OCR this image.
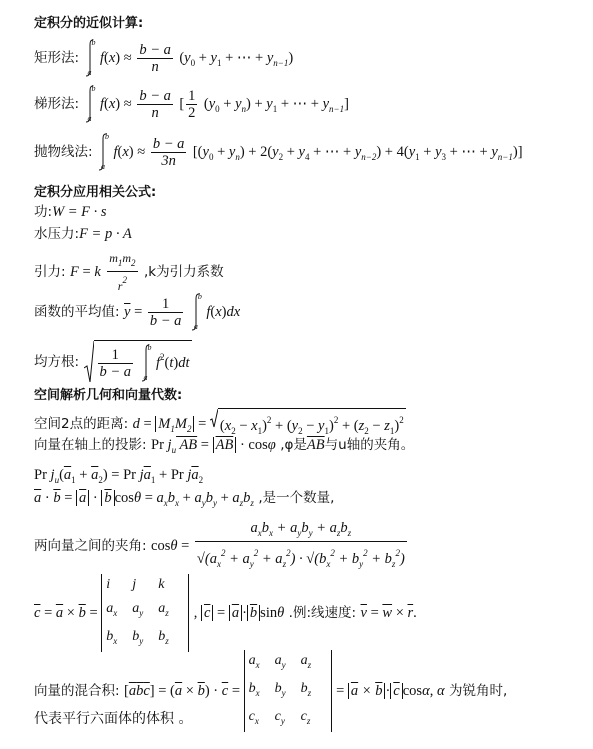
定积分的近似计算:
矩形法:
b
a
$f(x) \approx \frac{b - a}{n} (y_0 + y_1$ + ⋯ + $y_{n-1}$)
梯形法:
b
a
$f(x) \approx \frac{b - a}{n}$ [ $\frac{1}{2} (y_0 + y_n) + y_1$ + ⋯ + $y_{n-1}$]
抛物线法:
b
a
$f(x) \approx \frac{b - a}{3n} [(y_0 + y_n) + 2(y_2 + y_4$ + ⋯ + $y_{n-2}) + 4(y_1 + y_3$ + ⋯ + $y_{n-1}$)]
定积分应用相关公式:
功:W = F · s
水压力:F = p · A
引力: F = k $\frac{m_1m_2}{r^2} ,k$为引力系数
函数的平均值: $\overline{y} = \frac{1}{b - a}$
b
a
f(x)dx
均方根: $\frac{1}{b - a}$
b
a
$f^2(t)dt$
空间解析几何和向量代数:
空间2点的距离: $d = M_1M_2 = (x_2 - x_1)^2 + (y_2 - y_1)^2 + (z_2 - z_1)^2$
向量在轴上的投影: Pr $j_u$ AB = $\overline{AB} \cdot \cos\varphi$ ,φ是$\overline{AB}$与u轴的夹角。
Pr $j_u(\overline{a}_1 + \overline{a}_2) = Pr$ $j\overline{a}_1 + Pr$ $j\overline{a}_2$
$\overline{a} \cdot \overline{b} = \overline{a} \cdot \overline{b}$ $\cos\theta = a_xb_x + a_yb_y + a_zb_z$ ,是一个数量,
两向量之间的夹角: $\cos\theta = \frac{a_xb_x + a_yb_y + a_zb_z}{√(a_x^2 + a_y^2 + a_z^2) \cdot √(b_x^2 + b_y^2 + b_z^2)}$
$\overline{c} = \overline{a} \times \overline{b}$ =
i	j	k
$a_x$	$a_y$	$a_z$
$b_x$	$b_y$	$b_z$
, $\overline{c} = \overline{a} \cdot \overline{b}$ sinθ .例:线速度: $\overline{v} = \overline{w} \times \overline{r}$.
向量的混合积: $[\overline{a}\overline{b}\overline{c}] = (\overline{a} \times \overline{b}) \cdot \overline{c}$ =
$a_x$	$a_y$	$a_z$
$b_x$	$b_y$	$b_z$
$c_x$	$c_y$	$c_z$
= $\overline{a} \times \overline{b} \cdot \overline{c}$ cosα, α 为锐角时,
代表平行六面体的体积 。
